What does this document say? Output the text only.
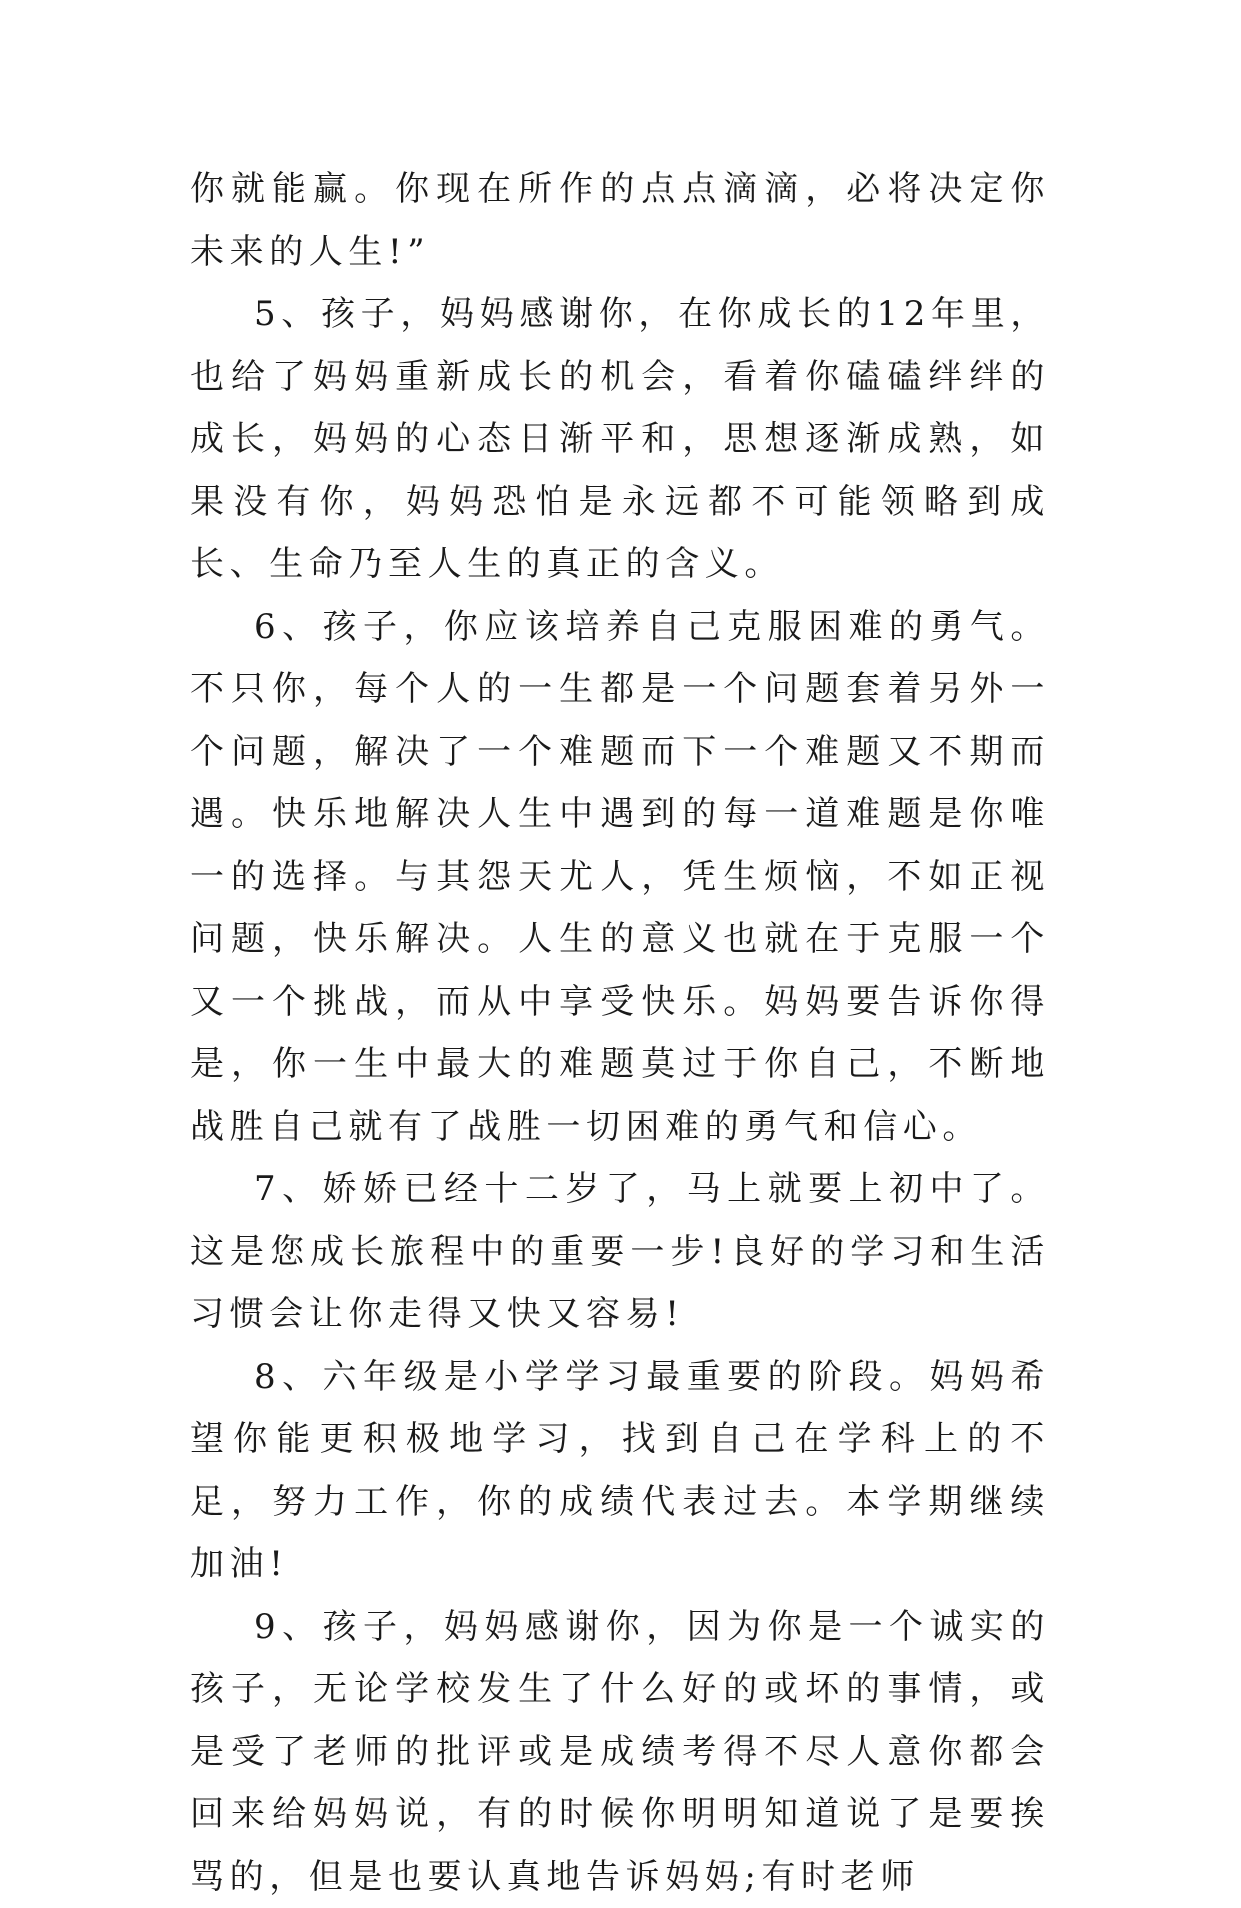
你就能赢。你现在所作的点点滴滴，必将决定你未来的人生!”

5、孩子，妈妈感谢你，在你成长的12年里，也给了妈妈重新成长的机会，看着你磕磕绊绊的成长，妈妈的心态日渐平和，思想逐渐成熟，如果没有你，妈妈恐怕是永远都不可能领略到成长、生命乃至人生的真正的含义。

6、孩子，你应该培养自己克服困难的勇气。不只你，每个人的一生都是一个问题套着另外一个问题，解决了一个难题而下一个难题又不期而遇。快乐地解决人生中遇到的每一道难题是你唯一的选择。与其怨天尤人，凭生烦恼，不如正视问题，快乐解决。人生的意义也就在于克服一个又一个挑战，而从中享受快乐。妈妈要告诉你得是，你一生中最大的难题莫过于你自己，不断地战胜自己就有了战胜一切困难的勇气和信心。

7、娇娇已经十二岁了，马上就要上初中了。这是您成长旅程中的重要一步!良好的学习和生活习惯会让你走得又快又容易!

8、六年级是小学学习最重要的阶段。妈妈希望你能更积极地学习，找到自己在学科上的不足，努力工作，你的成绩代表过去。本学期继续加油!

9、孩子，妈妈感谢你，因为你是一个诚实的孩子，无论学校发生了什么好的或坏的事情，或是受了老师的批评或是成绩考得不尽人意你都会回来给妈妈说，有的时候你明明知道说了是要挨骂的，但是也要认真地告诉妈妈;有时老师
